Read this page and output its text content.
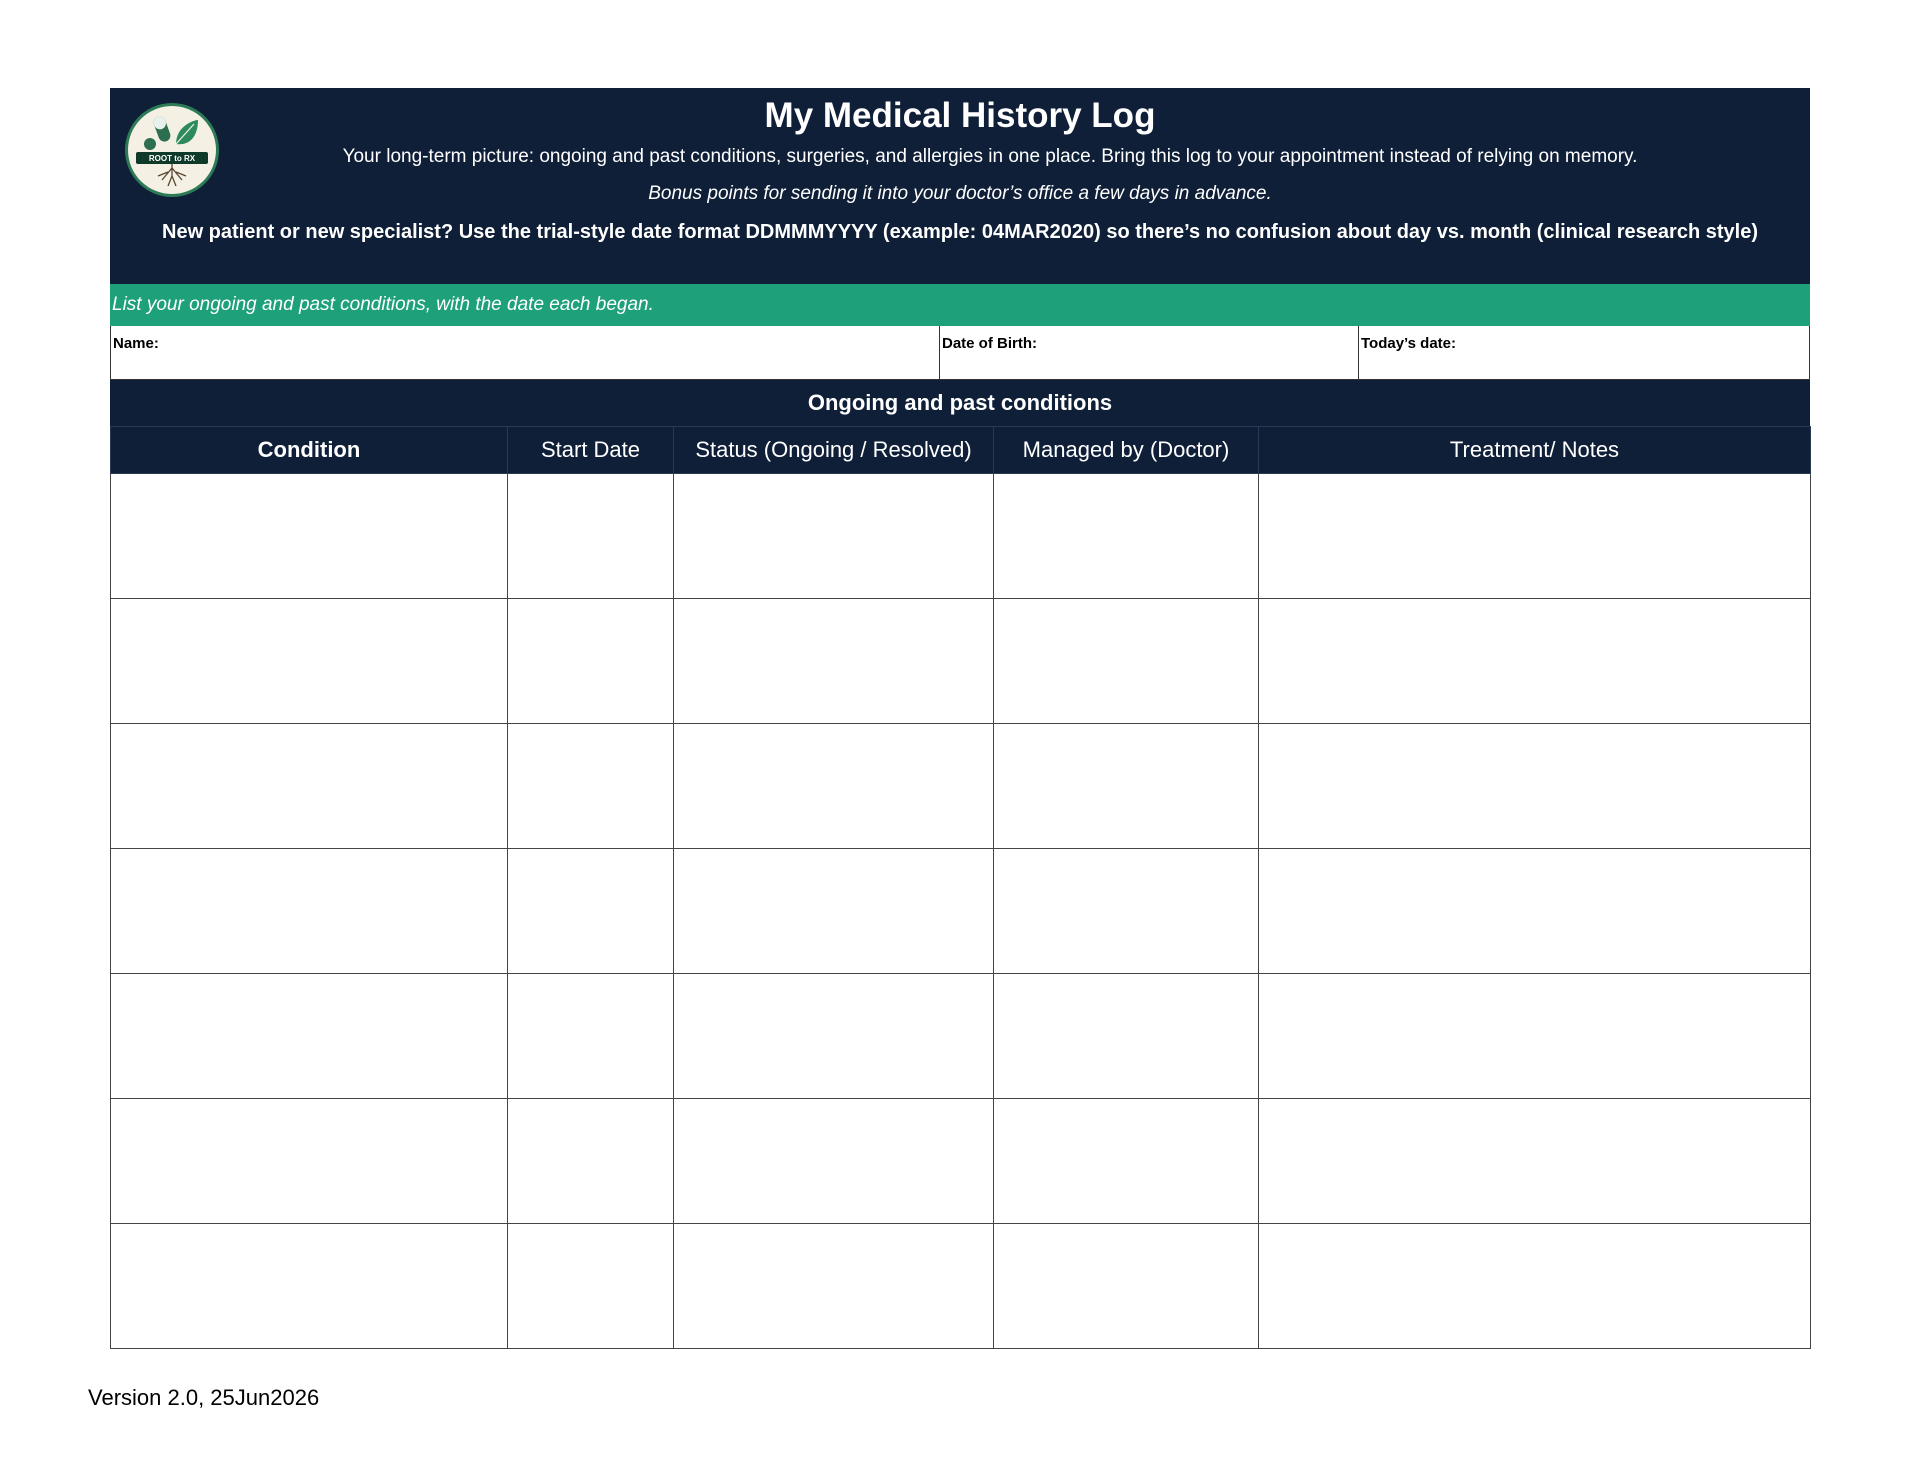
ROOT to RX
My Medical History Log
Your long-term picture: ongoing and past conditions, surgeries, and allergies in one place. Bring this log to your appointment instead of relying on memory.
Bonus points for sending it into your doctor’s office a few days in advance.
New patient or new specialist? Use the trial-style date format DDMMMYYYY (example: 04MAR2020) so there’s no confusion about day vs. month (clinical research style)
List your ongoing and past conditions, with the date each began.
Name:	Date of Birth:	Today’s date:
Ongoing and past conditions
Condition	Start Date	Status (Ongoing / Resolved)	Managed by (Doctor)	Treatment/ Notes

Version 2.0, 25Jun2026
